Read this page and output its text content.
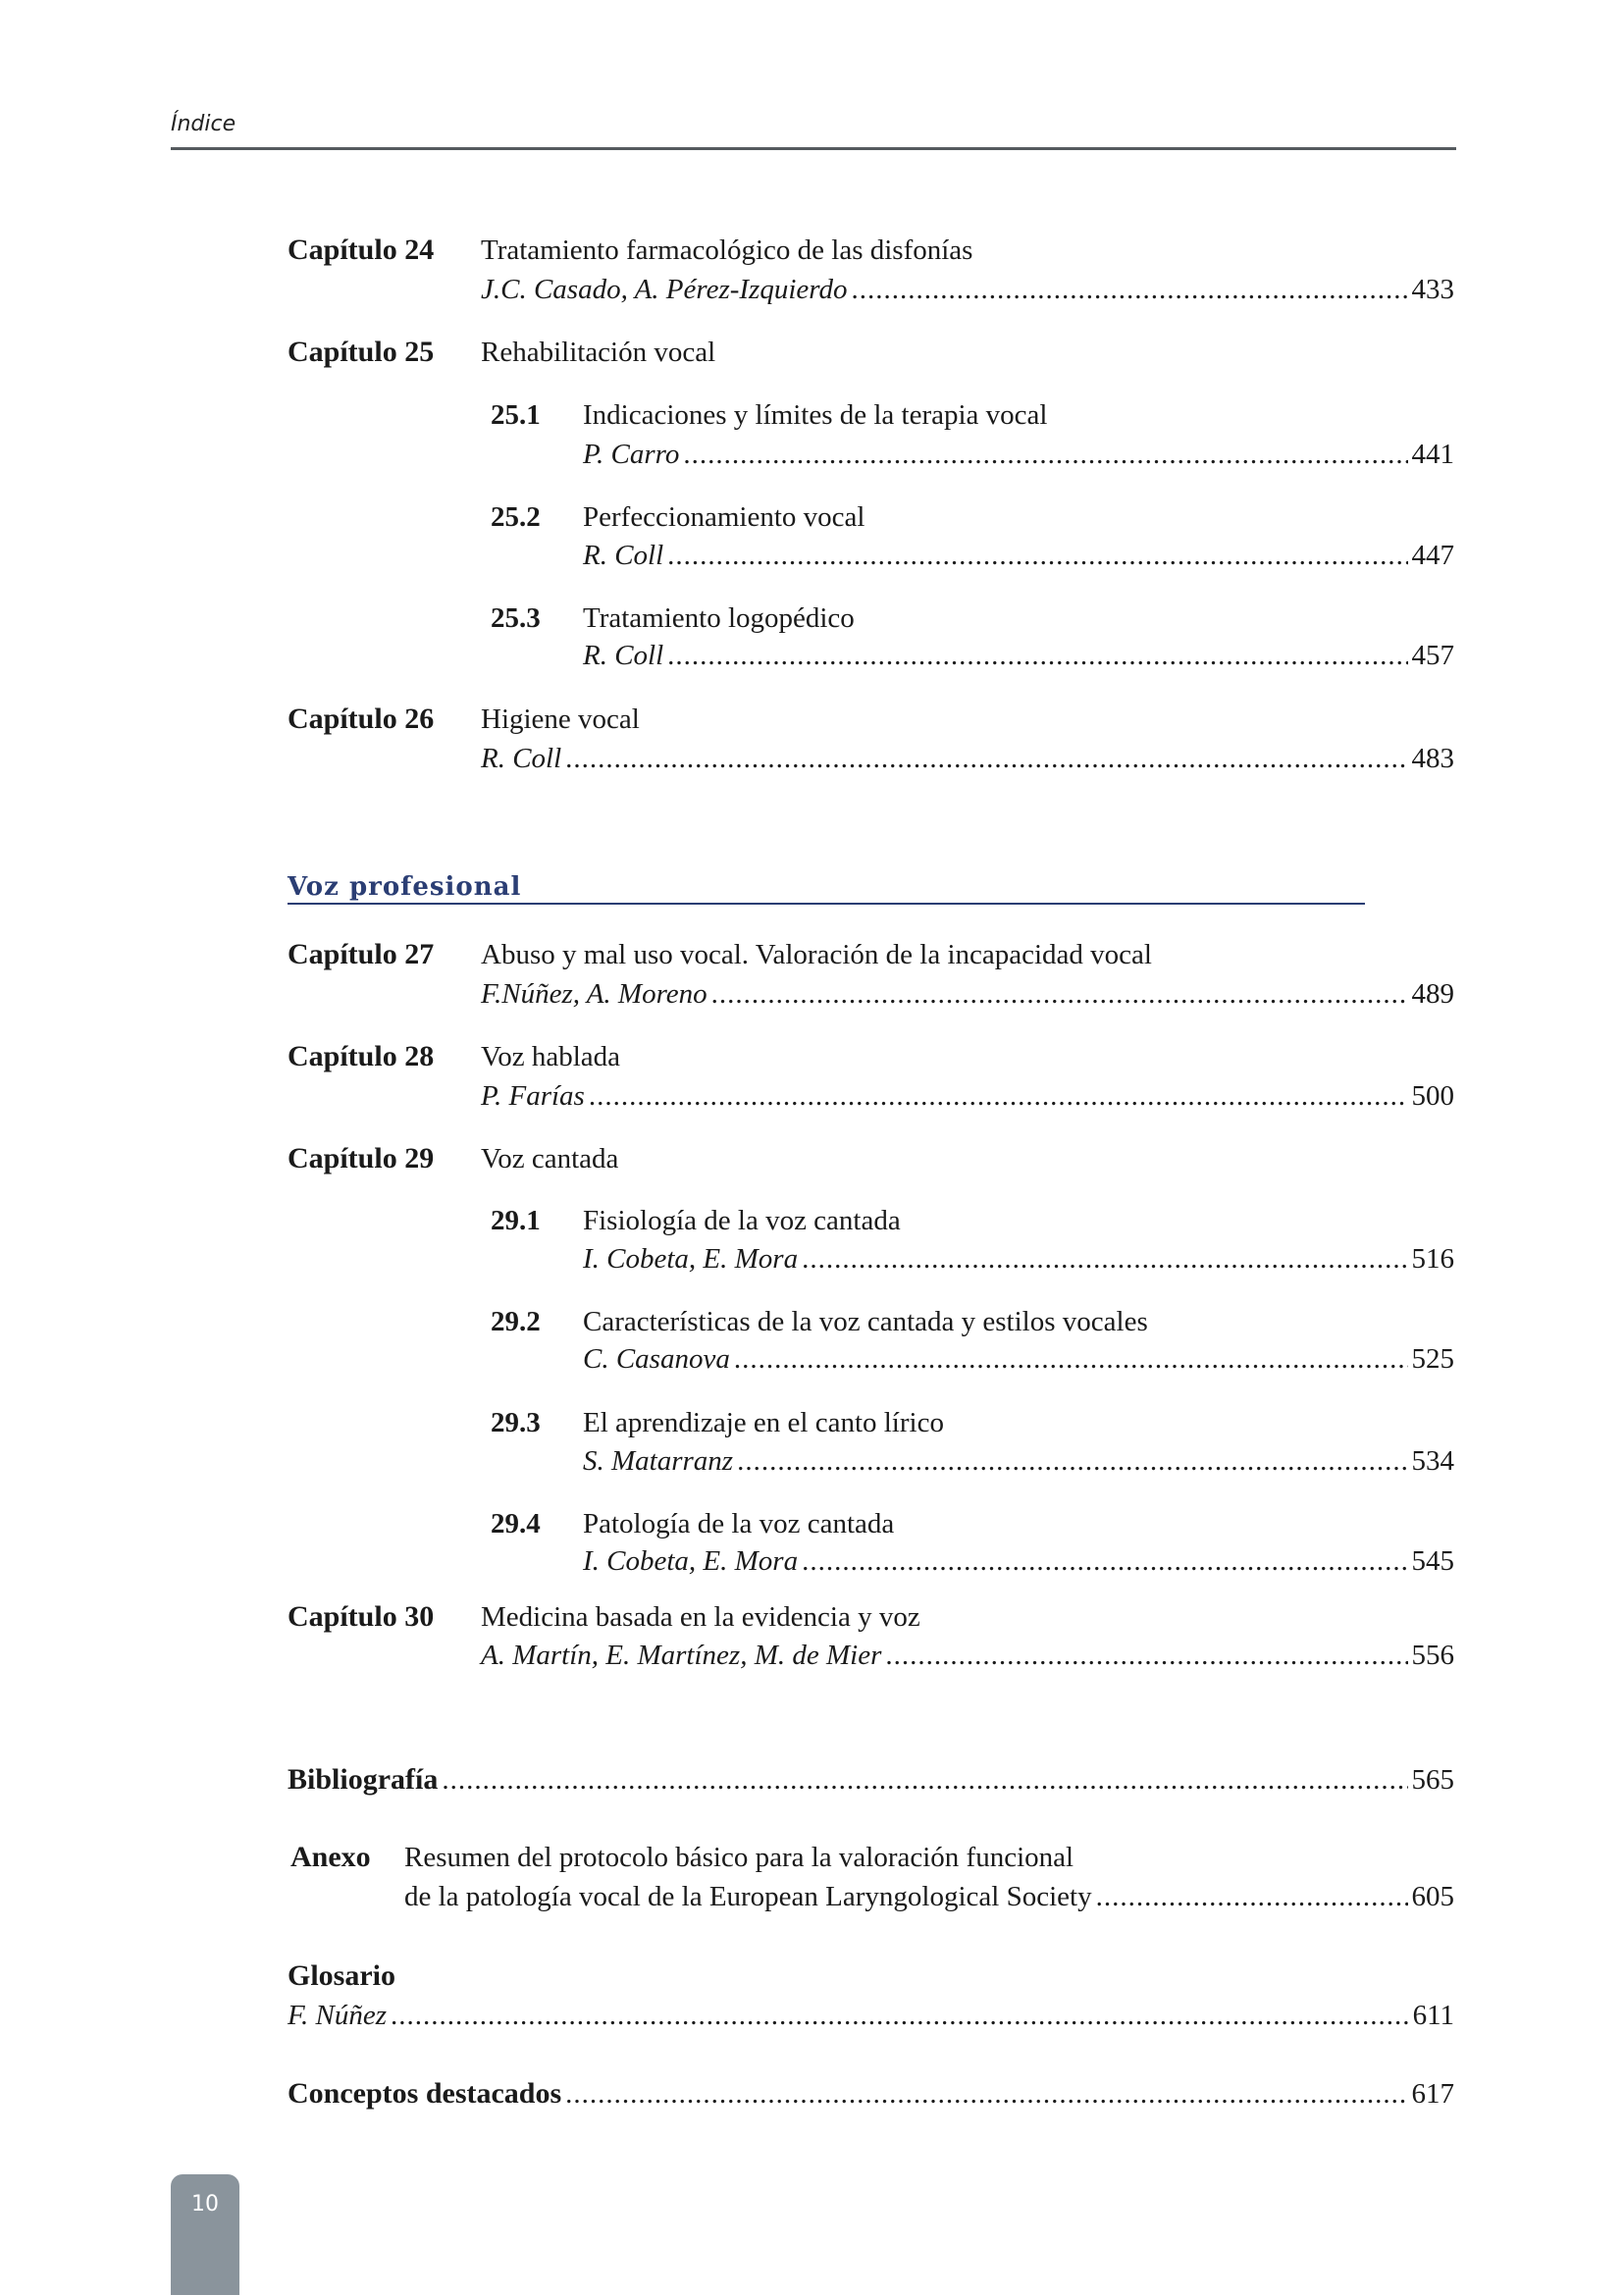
Índice
Capítulo 24 Tratamiento farmacológico de las disfonías
J.C. Casado, A. Pérez-Izquierdo .....	433
Capítulo 25 Rehabilitación vocal
25.1 Indicaciones y límites de la terapia vocal
P. Carro .....	441
25.2 Perfeccionamiento vocal
R. Coll .....	447
25.3 Tratamiento logopédico
R. Coll .....	457
Capítulo 26 Higiene vocal
R. Coll .....	483
Voz profesional
Capítulo 27 Abuso y mal uso vocal. Valoración de la incapacidad vocal
F.Núñez, A. Moreno .....	489
Capítulo 28 Voz hablada
P. Farías .....	500
Capítulo 29 Voz cantada
29.1 Fisiología de la voz cantada
I. Cobeta, E. Mora .....	516
29.2 Características de la voz cantada y estilos vocales
C. Casanova .....	525
29.3 El aprendizaje en el canto lírico
S. Matarranz .....	534
29.4 Patología de la voz cantada
I. Cobeta, E. Mora .....	545
Capítulo 30 Medicina basada en la evidencia y voz
A. Martín, E. Martínez, M. de Mier .....	556
Bibliografía .....	565
Anexo Resumen del protocolo básico para la valoración funcional
de la patología vocal de la European Laryngological Society .....	605
Glosario
F. Núñez .....	611
Conceptos destacados .....	617
10
